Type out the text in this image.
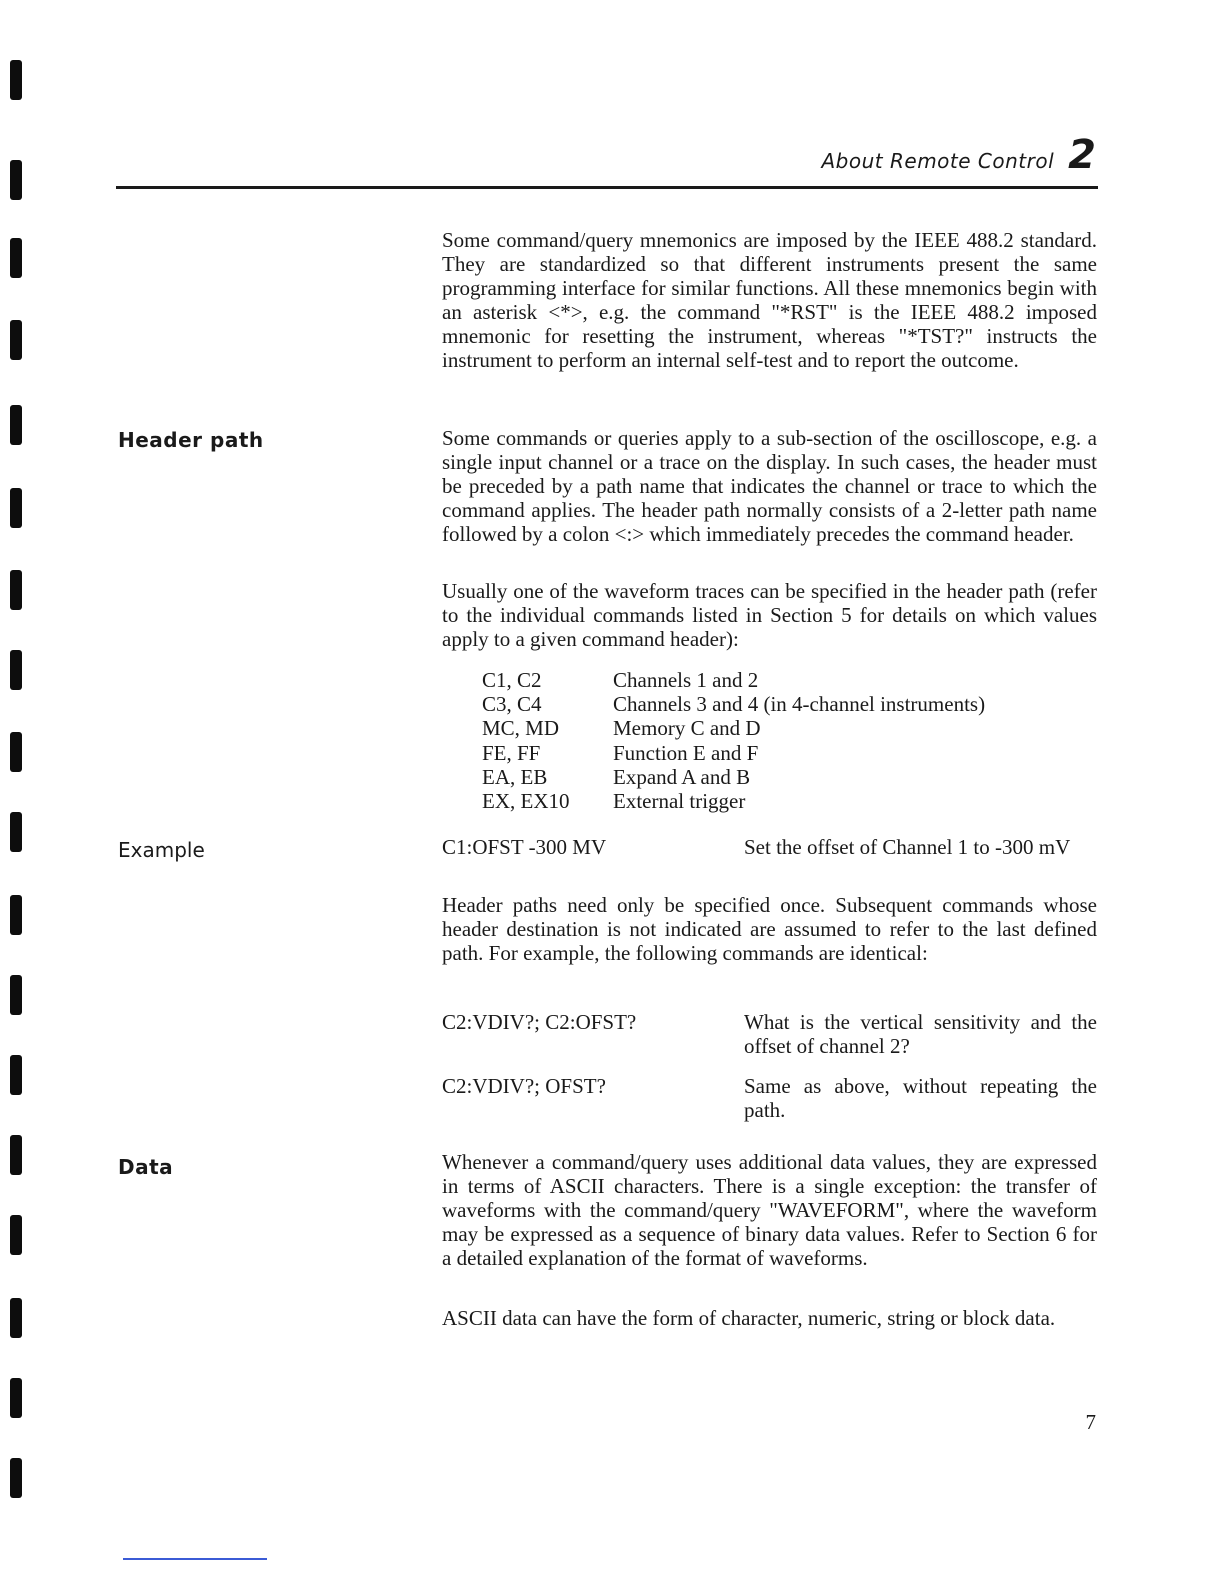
About Remote Control 2

Some command/query mnemonics are imposed by the IEEE 488.2 standard. They are standardized so that different instruments present the same programming interface for similar functions. All these mnemonics begin with an asterisk <*>, e.g. the command "*RST" is the IEEE 488.2 imposed mnemonic for resetting the instrument, whereas "*TST?" instructs the instrument to perform an internal self-test and to report the outcome.

Header path	Some commands or queries apply to a sub-section of the oscilloscope, e.g. a single input channel or a trace on the display. In such cases, the header must be preceded by a path name that indicates the channel or trace to which the command applies. The header path normally consists of a 2-letter path name followed by a colon <:> which immediately precedes the command header.

Usually one of the waveform traces can be specified in the header path (refer to the individual commands listed in Section 5 for details on which values apply to a given command header):

C1, C2	Channels 1 and 2
C3, C4	Channels 3 and 4 (in 4-channel instruments)
MC, MD	Memory C and D
FE, FF	Function E and F
EA, EB	Expand A and B
EX, EX10	External trigger
Example	C1:OFST -300 MV	Set the offset of Channel 1 to -300 mV

Header paths need only be specified once. Subsequent commands whose header destination is not indicated are assumed to refer to the last defined path. For example, the following commands are identical:

C2:VDIV?; C2:OFST?	What is the vertical sensitivity and the offset of channel 2?
C2:VDIV?; OFST?	Same as above, without repeating the path.
Data	Whenever a command/query uses additional data values, they are expressed in terms of ASCII characters. There is a single exception: the transfer of waveforms with the command/query "WAVEFORM", where the waveform may be expressed as a sequence of binary data values. Refer to Section 6 for a detailed explanation of the format of waveforms.

ASCII data can have the form of character, numeric, string or block data.

7
